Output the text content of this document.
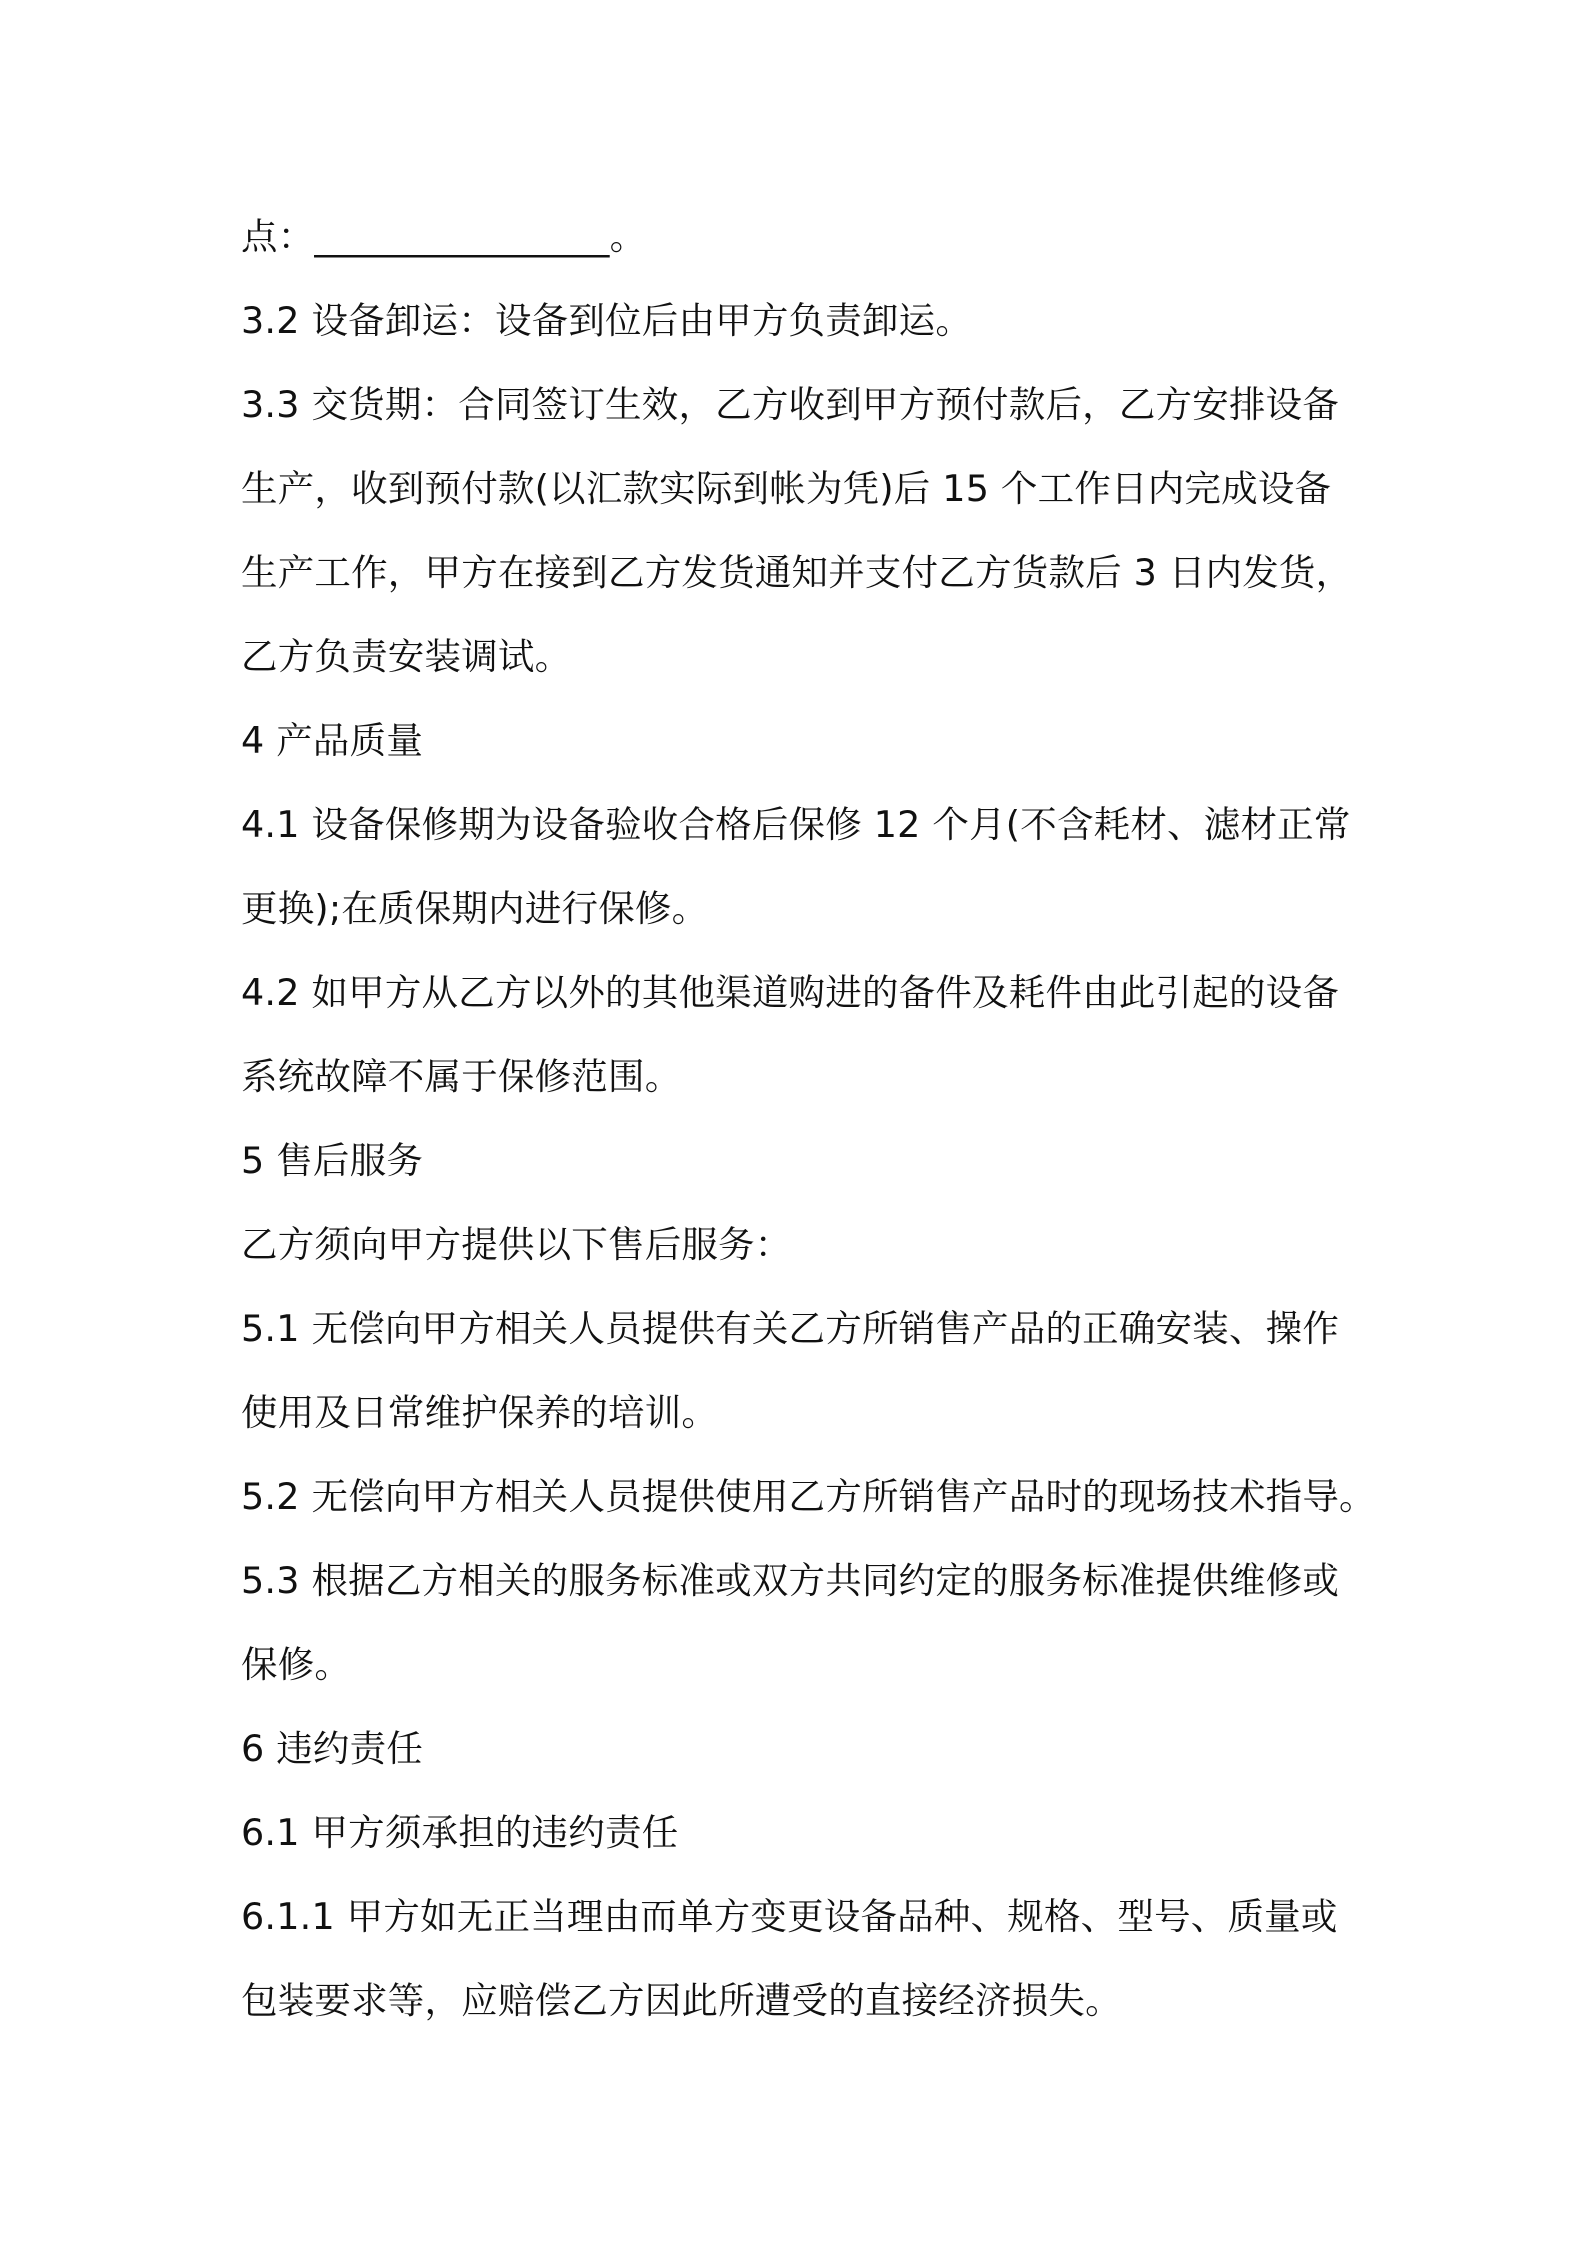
点：________________。
3.2 设备卸运：设备到位后由甲方负责卸运。
3.3 交货期：合同签订生效，乙方收到甲方预付款后，乙方安排设备
生产，收到预付款(以汇款实际到帐为凭)后 15 个工作日内完成设备
生产工作，甲方在接到乙方发货通知并支付乙方货款后 3 日内发货，
乙方负责安装调试。
4 产品质量
4.1 设备保修期为设备验收合格后保修 12 个月(不含耗材、滤材正常
更换);在质保期内进行保修。
4.2 如甲方从乙方以外的其他渠道购进的备件及耗件由此引起的设备
系统故障不属于保修范围。
5 售后服务
乙方须向甲方提供以下售后服务：
5.1 无偿向甲方相关人员提供有关乙方所销售产品的正确安装、操作
使用及日常维护保养的培训。
5.2 无偿向甲方相关人员提供使用乙方所销售产品时的现场技术指导。
5.3 根据乙方相关的服务标准或双方共同约定的服务标准提供维修或
保修。
6 违约责任
6.1 甲方须承担的违约责任
6.1.1 甲方如无正当理由而单方变更设备品种、规格、型号、质量或
包装要求等，应赔偿乙方因此所遭受的直接经济损失。
